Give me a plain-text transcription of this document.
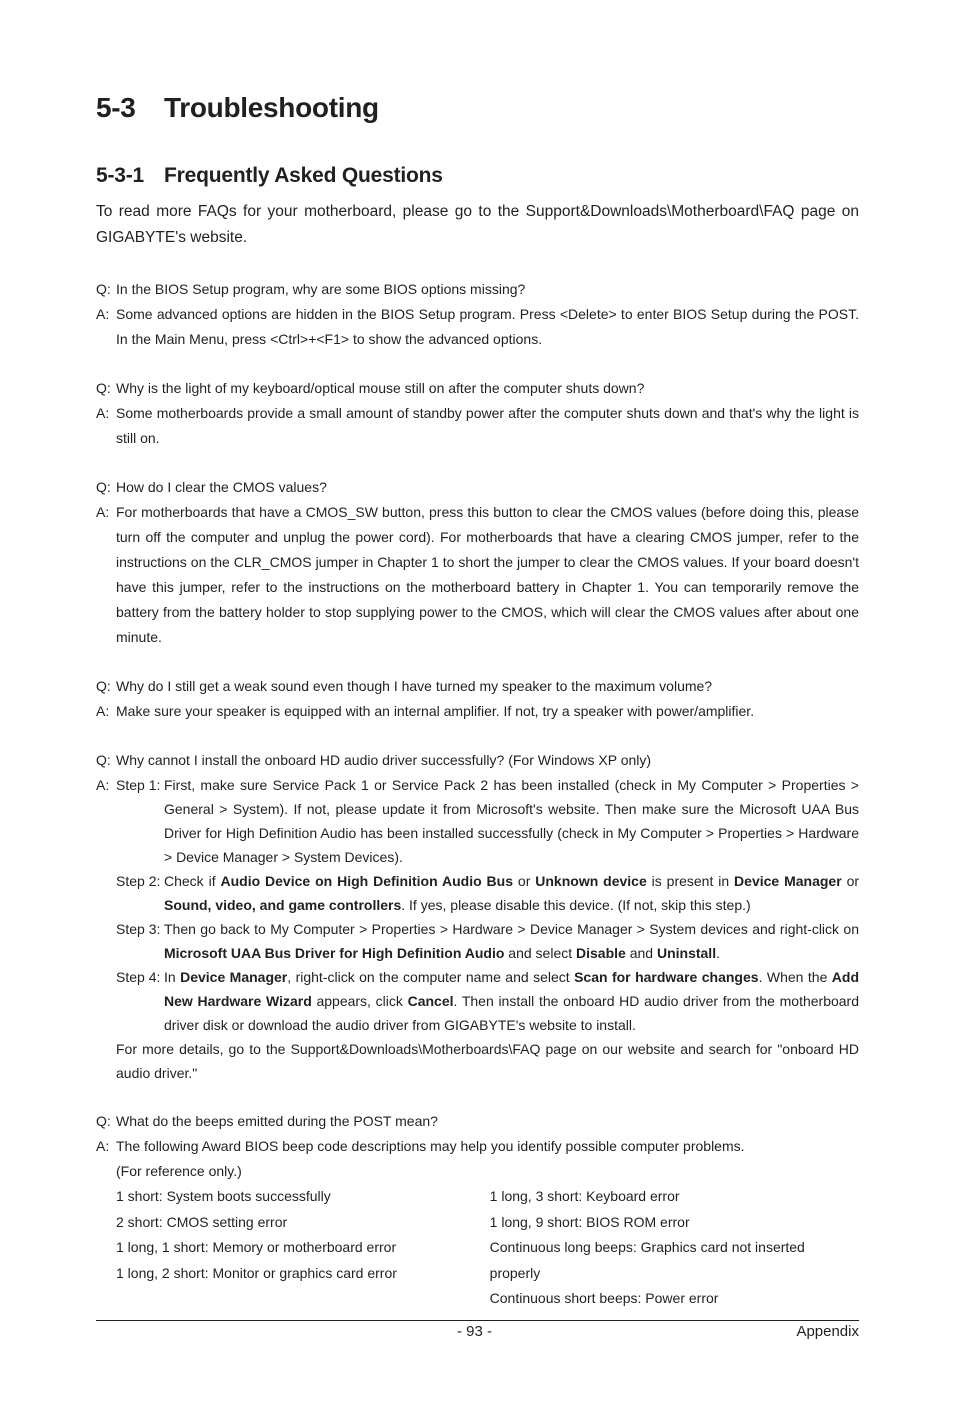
5-3 Troubleshooting
5-3-1 Frequently Asked Questions

To read more FAQs for your motherboard, please go to the Support&Downloads\Motherboard\FAQ page on GIGABYTE's website.

Q: In the BIOS Setup program, why are some BIOS options missing?
A: Some advanced options are hidden in the BIOS Setup program. Press <Delete> to enter BIOS Setup during the POST. In the Main Menu, press <Ctrl>+<F1> to show the advanced options.
Q: Why is the light of my keyboard/optical mouse still on after the computer shuts down?
A: Some motherboards provide a small amount of standby power after the computer shuts down and that's why the light is still on.
Q: How do I clear the CMOS values?
A: For motherboards that have a CMOS_SW button, press this button to clear the CMOS values (before doing this, please turn off the computer and unplug the power cord). For motherboards that have a clearing CMOS jumper, refer to the instructions on the CLR_CMOS jumper in Chapter 1 to short the jumper to clear the CMOS values. If your board doesn't have this jumper, refer to the instructions on the motherboard battery in Chapter 1. You can temporarily remove the battery from the battery holder to stop supplying power to the CMOS, which will clear the CMOS values after about one minute.
Q: Why do I still get a weak sound even though I have turned my speaker to the maximum volume?
A: Make sure your speaker is equipped with an internal amplifier. If not, try a speaker with power/amplifier.
Q: Why cannot I install the onboard HD audio driver successfully? (For Windows XP only)
A: Step 1: First, make sure Service Pack 1 or Service Pack 2 has been installed (check in My Computer > Properties > General > System). If not, please update it from Microsoft's website. Then make sure the Microsoft UAA Bus Driver for High Definition Audio has been installed successfully (check in My Computer > Properties > Hardware > Device Manager > System Devices).
Step 2: Check if Audio Device on High Definition Audio Bus or Unknown device is present in Device Manager or Sound, video, and game controllers. If yes, please disable this device. (If not, skip this step.)
Step 3: Then go back to My Computer > Properties > Hardware > Device Manager > System devices and right-click on Microsoft UAA Bus Driver for High Definition Audio and select Disable and Uninstall.
Step 4: In Device Manager, right-click on the computer name and select Scan for hardware changes. When the Add New Hardware Wizard appears, click Cancel. Then install the onboard HD audio driver from the motherboard driver disk or download the audio driver from GIGABYTE's website to install.
For more details, go to the Support&Downloads\Motherboards\FAQ page on our website and search for "onboard HD audio driver."
Q: What do the beeps emitted during the POST mean?
A: The following Award BIOS beep code descriptions may help you identify possible computer problems.
(For reference only.)
1 short: System boots successfully
2 short: CMOS setting error
1 long, 1 short: Memory or motherboard error
1 long, 2 short: Monitor or graphics card error
1 long, 3 short: Keyboard error
1 long, 9 short: BIOS ROM error
Continuous long beeps: Graphics card not inserted properly
Continuous short beeps: Power error
- 93 -	Appendix
